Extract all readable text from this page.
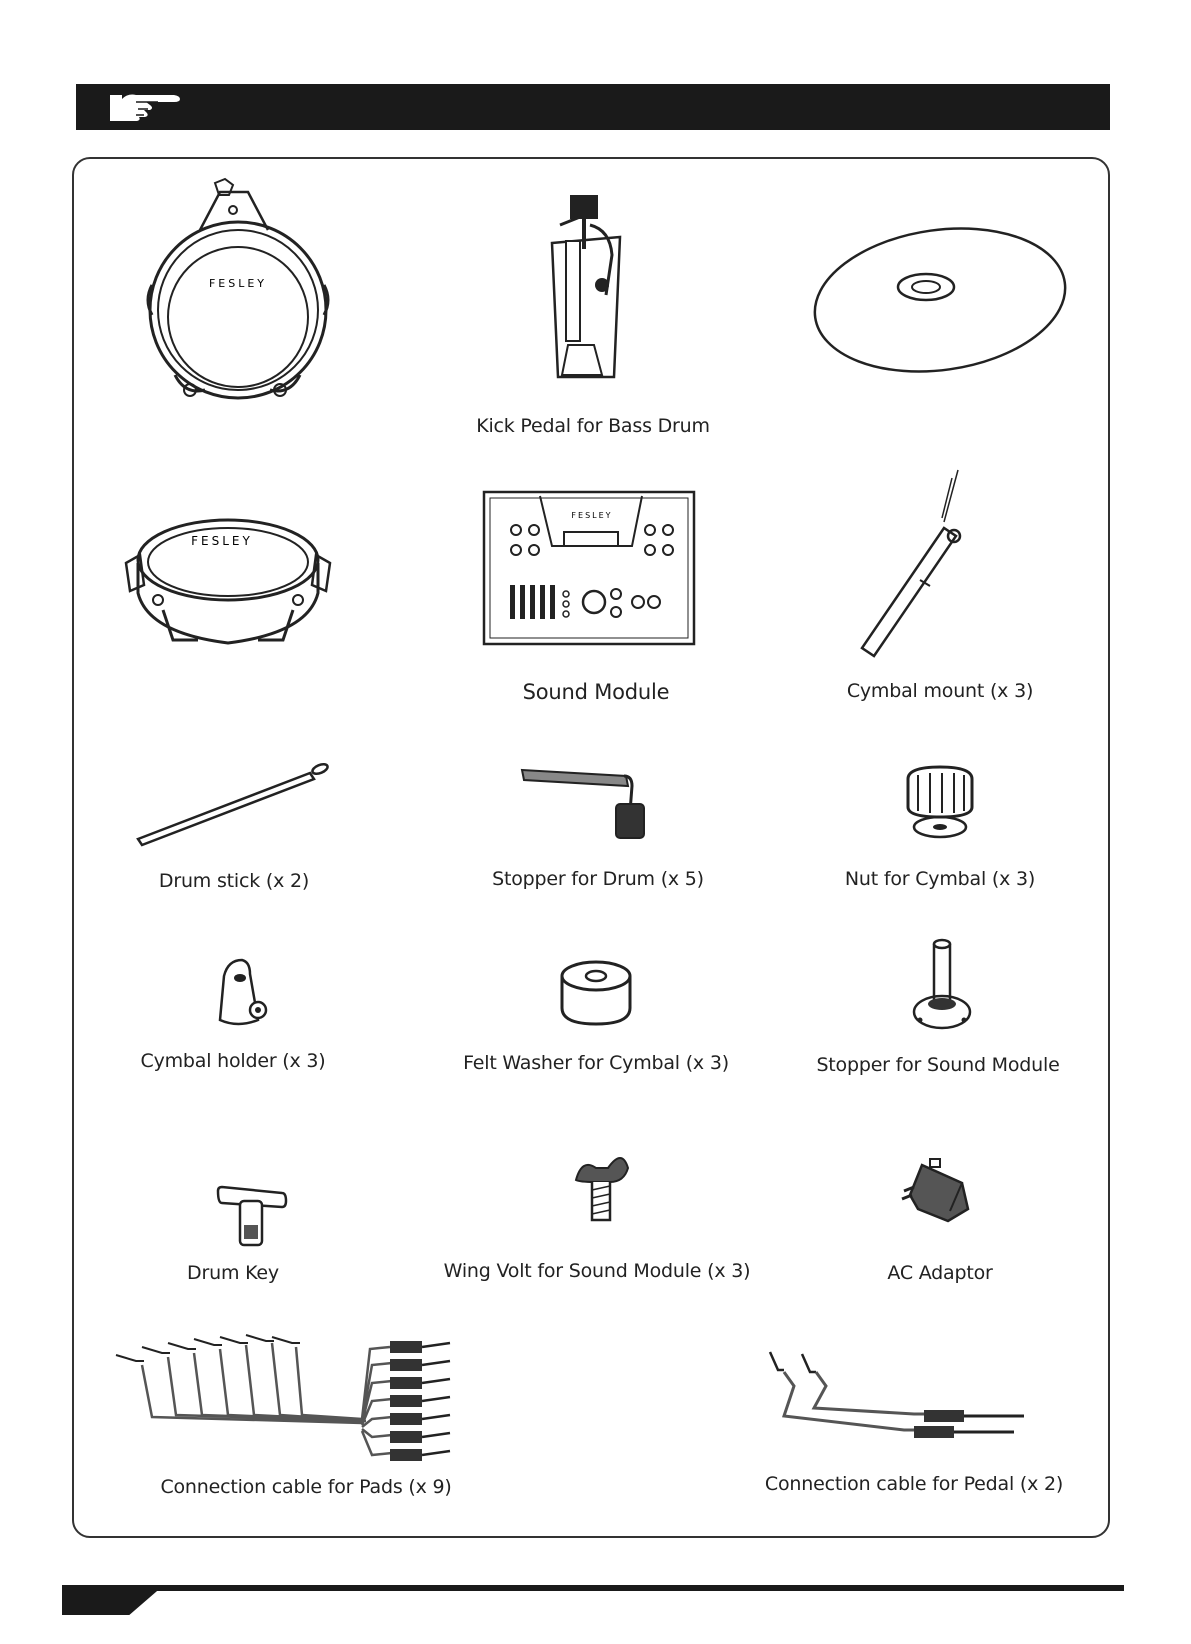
FESLEY
Kick Pedal for Bass Drum
FESLEY
FESLEY
Sound Module	Cymbal mount (x 3)
Drum stick (x 2)	Stopper for Drum (x 5)	Nut for Cymbal (x 3)
Cymbal holder (x 3)	Felt Washer for Cymbal (x 3)	Stopper for Sound Module
Drum Key	Wing Volt for Sound Module (x 3)	AC Adaptor
Connection cable for Pads (x 9)	Connection cable for Pedal (x 2)
